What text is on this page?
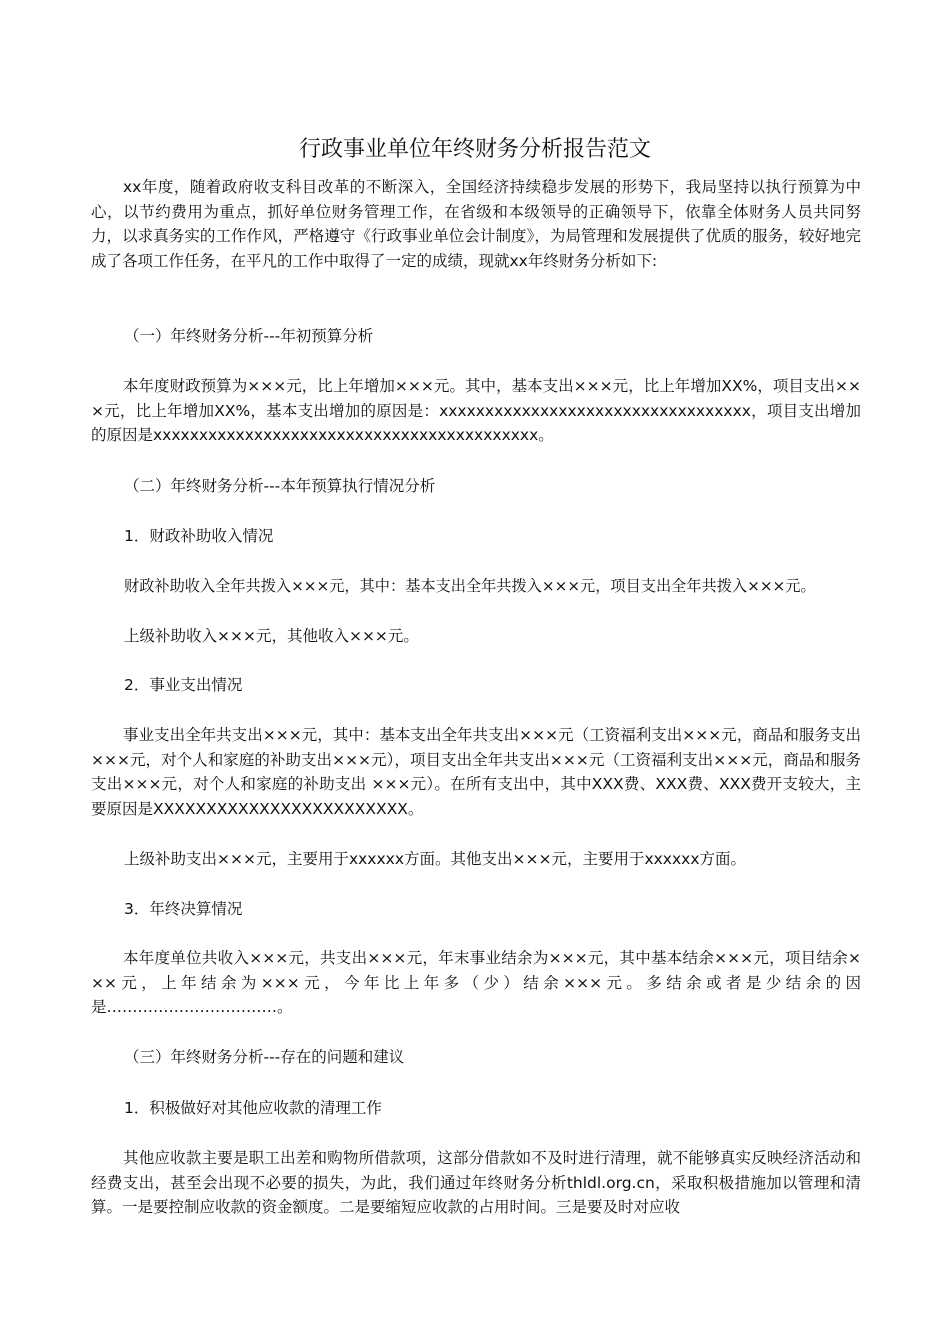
行政事业单位年终财务分析报告范文
xx年度，随着政府收支科目改革的不断深入，全国经济持续稳步发展的形势下，我局坚持以执行预算为中心，以节约费用为重点，抓好单位财务管理工作，在省级和本级领导的正确领导下，依靠全体财务人员共同努力，以求真务实的工作作风，严格遵守《行政事业单位会计制度》，为局管理和发展提供了优质的服务，较好地完成了各项工作任务，在平凡的工作中取得了一定的成绩，现就xx年终财务分析如下:
（一）年终财务分析---年初预算分析
本年度财政预算为×××元，比上年增加×××元。其中，基本支出×××元，比上年增加XX%，项目支出×××元，比上年增加XX%，基本支出增加的原因是：xxxxxxxxxxxxxxxxxxxxxxxxxxxxxxxxxx，项目支出增加的原因是xxxxxxxxxxxxxxxxxxxxxxxxxxxxxxxxxxxxxxxxxx。
（二）年终财务分析---本年预算执行情况分析
1．财政补助收入情况
财政补助收入全年共拨入×××元，其中：基本支出全年共拨入×××元，项目支出全年共拨入×××元。
上级补助收入×××元，其他收入×××元。
2．事业支出情况
事业支出全年共支出×××元，其中：基本支出全年共支出×××元（工资福利支出×××元，商品和服务支出×××元，对个人和家庭的补助支出×××元），项目支出全年共支出×××元（工资福利支出×××元，商品和服务支出×××元，对个人和家庭的补助支出 ×××元）。在所有支出中，其中XXX费、XXX费、XXX费开支较大，主要原因是XXXXXXXXXXXXXXXXXXXXXXXX。
上级补助支出×××元，主要用于xxxxxx方面。其他支出×××元，主要用于xxxxxx方面。
3．年终决算情况
本年度单位共收入×××元，共支出×××元，年末事业结余为×××元，其中基本结余×××元，项目结余×××元，上年结余为×××元，今年比上年多（少）结余×××元。多结余或者是少结余的因是……………………………。
（三）年终财务分析---存在的问题和建议
1．积极做好对其他应收款的清理工作
其他应收款主要是职工出差和购物所借款项，这部分借款如不及时进行清理，就不能够真实反映经济活动和经费支出，甚至会出现不必要的损失，为此，我们通过年终财务分析thldl.org.cn，采取积极措施加以管理和清算。一是要控制应收款的资金额度。二是要缩短应收款的占用时间。三是要及时对应收
